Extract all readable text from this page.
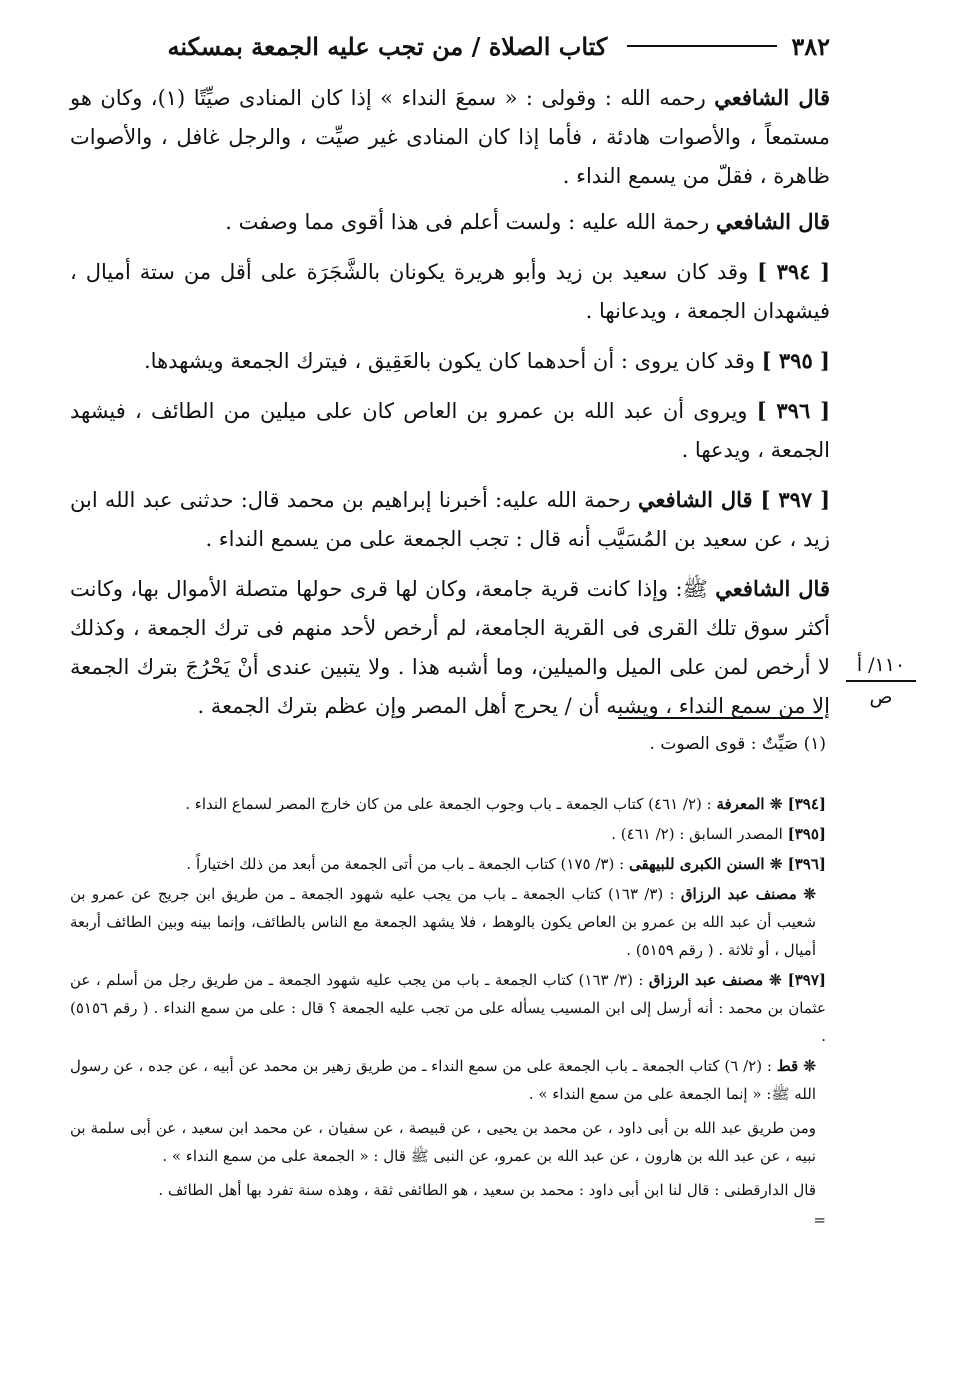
٣٨٢
كتاب الصلاة / من تجب عليه الجمعة بمسكنه

قال الشافعي رحمه الله : وقولى : « سمعَ النداء » إذا كان المنادى صيِّتًا (١)، وكان هو مستمعاً ، والأصوات هادئة ، فأما إذا كان المنادى غير صيِّت ، والرجل غافل ، والأصوات ظاهرة ، فقلّ من يسمع النداء .

قال الشافعي رحمة الله عليه : ولست أعلم فى هذا أقوى مما وصفت .

[ ٣٩٤ ] وقد كان سعيد بن زيد وأبو هريرة يكونان بالشَّجَرَة على أقل من ستة أميال ، فيشهدان الجمعة ، ويدعانها .

[ ٣٩٥ ] وقد كان يروى : أن أحدهما كان يكون بالعَقِيق ، فيترك الجمعة ويشهدها.

[ ٣٩٦ ] ويروى أن عبد الله بن عمرو بن العاص كان على ميلين من الطائف ، فيشهد الجمعة ، ويدعها .

[ ٣٩٧ ] قال الشافعي رحمة الله عليه: أخبرنا إبراهيم بن محمد قال: حدثنى عبد الله ابن زيد ، عن سعيد بن المُسَيَّب أنه قال : تجب الجمعة على من يسمع النداء .

قال الشافعي ﷺ: وإذا كانت قرية جامعة، وكان لها قرى حولها متصلة الأموال بها، وكانت أكثر سوق تلك القرى فى القرية الجامعة، لم أرخص لأحد منهم فى ترك الجمعة ، وكذلك لا أرخص لمن على الميل والميلين، وما أشبه هذا . ولا يتبين عندى أنْ يَحْرُجَ بترك الجمعة إلا من سمع النداء ، ويشبه أن / يحرج أهل المصر وإن عظم بترك الجمعة .

١١٠/ أ
ص
(١) صَيِّتٌ : قوى الصوت .

[٣٩٤] ❊ المعرفة : (٢/ ٤٦١) كتاب الجمعة ـ باب وجوب الجمعة على من كان خارج المصر لسماع النداء .

[٣٩٥] المصدر السابق : (٢/ ٤٦١) .

[٣٩٦] ❊ السنن الكبرى للبيهقى : (٣/ ١٧٥) كتاب الجمعة ـ باب من أتى الجمعة من أبعد من ذلك اختياراً .

❊ مصنف عبد الرزاق : (٣/ ١٦٣) كتاب الجمعة ـ باب من يجب عليه شهود الجمعة ـ من طريق ابن جريج عن عمرو بن شعيب أن عبد الله بن عمرو بن العاص يكون بالوهط ، فلا يشهد الجمعة مع الناس بالطائف، وإنما بينه وبين الطائف أربعة أميال ، أو ثلاثة . ( رقم ٥١٥٩) .

[٣٩٧] ❊ مصنف عبد الرزاق : (٣/ ١٦٣) كتاب الجمعة ـ باب من يجب عليه شهود الجمعة ـ من طريق رجل من أسلم ، عن عثمان بن محمد : أنه أرسل إلى ابن المسيب يسأله على من تجب عليه الجمعة ؟ قال : على من سمع النداء . ( رقم ٥١٥٦) .

❊ قط : (٢/ ٦) كتاب الجمعة ـ باب الجمعة على من سمع النداء ـ من طريق زهير بن محمد عن أبيه ، عن جده ، عن رسول الله ﷺ: « إنما الجمعة على من سمع النداء » .

ومن طريق عبد الله بن أبى داود ، عن محمد بن يحيى ، عن قبيصة ، عن سفيان ، عن محمد ابن سعيد ، عن أبى سلمة بن نبيه ، عن عبد الله بن هارون ، عن عبد الله بن عمرو، عن النبى ﷺ قال : « الجمعة على من سمع النداء » .

قال الدارقطنى : قال لنا ابن أبى داود : محمد بن سعيد ، هو الطائفى ثقة ، وهذه سنة تفرد بها أهل الطائف .

=
